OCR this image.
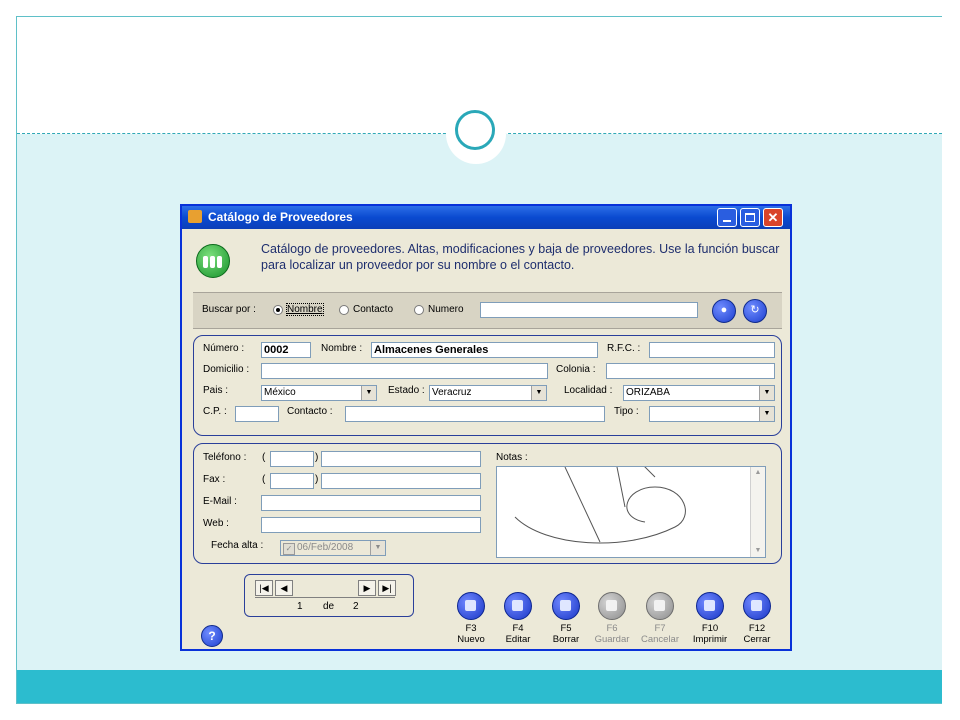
Catálogo de Proveedores	✕
Catálogo de proveedores. Altas, modificaciones y baja de proveedores. Use la función buscar para localizar un proveedor por su nombre o el contacto.
Buscar por :	Nombre	Contacto	Numero	●	↻
Número : 0002	Nombre : Almacenes Generales	R.F.C. :
Domicilio :	Colonia :
Pais :	México	▼	Estado : Veracruz	▼	Localidad :	ORIZABA	▼
C.P. :	Contacto :	Tipo :	▼
Teléfono : (	)
Fax :	(	)
E-Mail :
Web :
Fecha alta :	✓ 06/Feb/2008	▼
Notas :
▲
▼
|◀	◀	▶	▶|
1 de 2
?
F3
Nuevo
F4
Editar
F5
Borrar
F6
Guardar
F7
Cancelar
F10
Imprimir
F12
Cerrar
